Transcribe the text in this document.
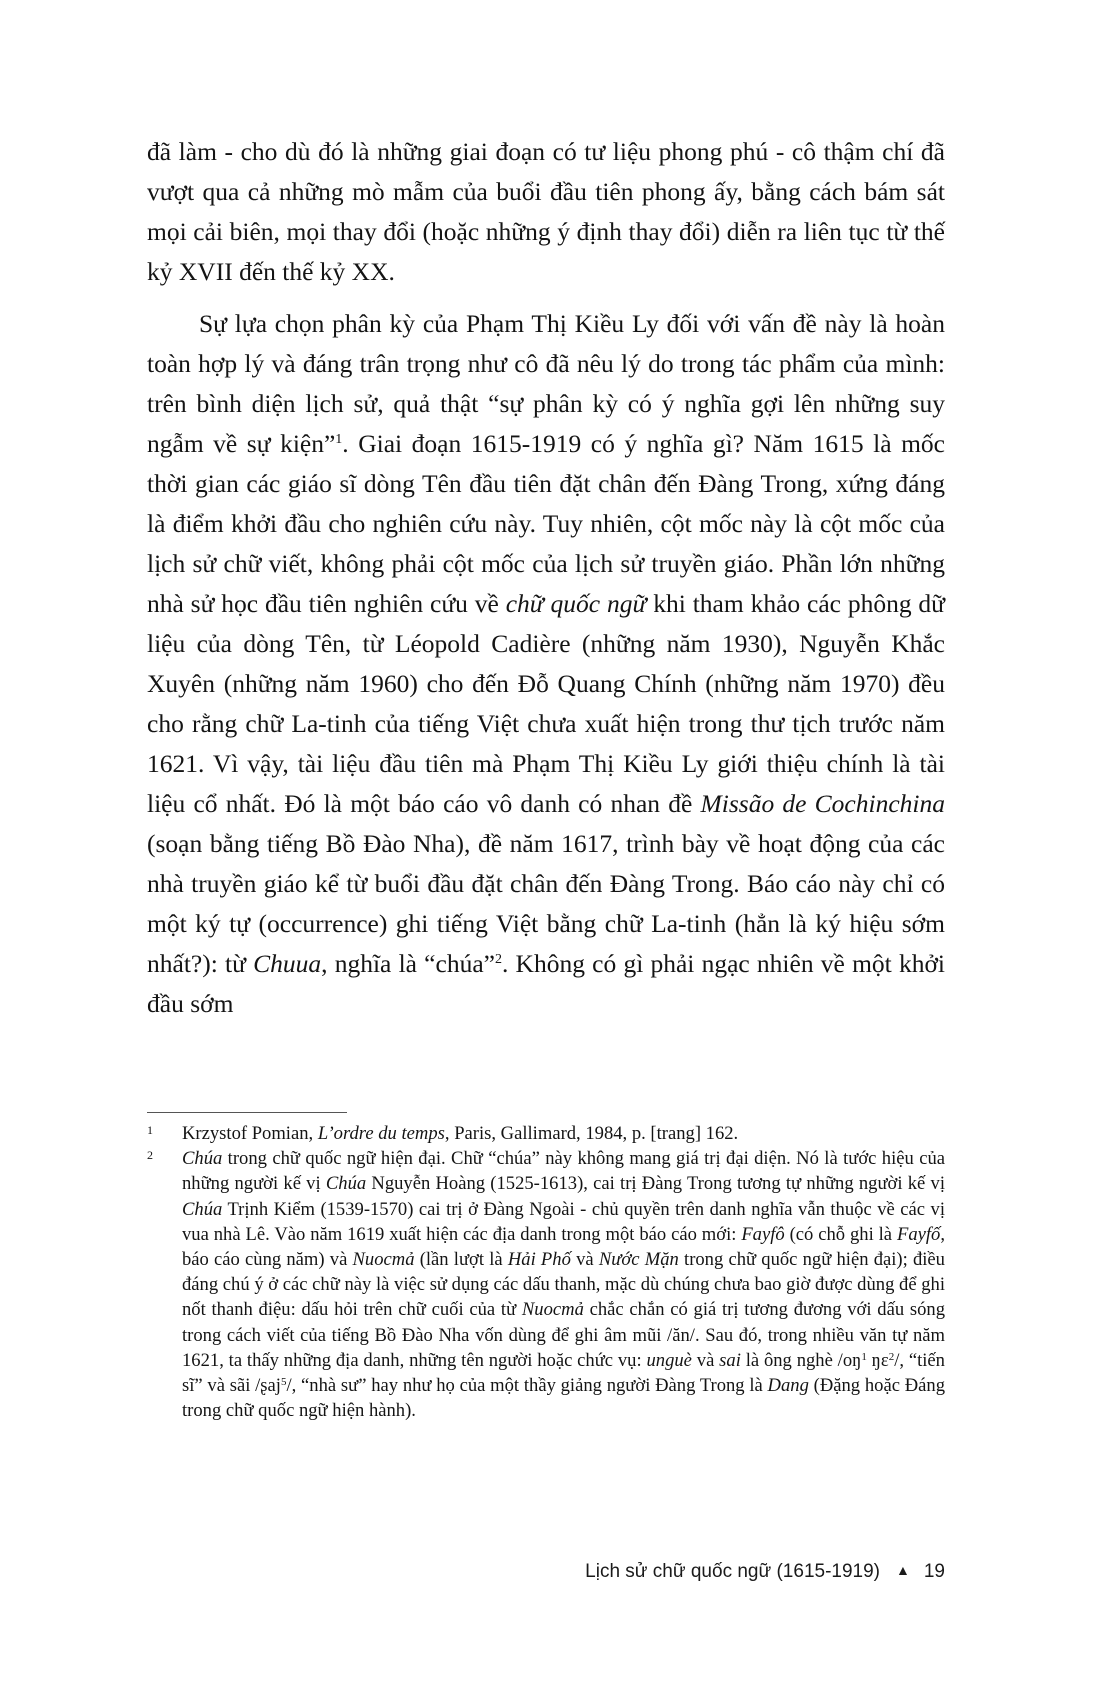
đã làm - cho dù đó là những giai đoạn có tư liệu phong phú - cô thậm chí đã vượt qua cả những mò mẫm của buổi đầu tiên phong ấy, bằng cách bám sát mọi cải biên, mọi thay đổi (hoặc những ý định thay đổi) diễn ra liên tục từ thế kỷ XVII đến thế kỷ XX.

Sự lựa chọn phân kỳ của Phạm Thị Kiều Ly đối với vấn đề này là hoàn toàn hợp lý và đáng trân trọng như cô đã nêu lý do trong tác phẩm của mình: trên bình diện lịch sử, quả thật “sự phân kỳ có ý nghĩa gợi lên những suy ngẫm về sự kiện”$^1$. Giai đoạn 1615-1919 có ý nghĩa gì? Năm 1615 là mốc thời gian các giáo sĩ dòng Tên đầu tiên đặt chân đến Đàng Trong, xứng đáng là điểm khởi đầu cho nghiên cứu này. Tuy nhiên, cột mốc này là cột mốc của lịch sử chữ viết, không phải cột mốc của lịch sử truyền giáo. Phần lớn những nhà sử học đầu tiên nghiên cứu về chữ quốc ngữ khi tham khảo các phông dữ liệu của dòng Tên, từ Léopold Cadière (những năm 1930), Nguyễn Khắc Xuyên (những năm 1960) cho đến Đỗ Quang Chính (những năm 1970) đều cho rằng chữ La-tinh của tiếng Việt chưa xuất hiện trong thư tịch trước năm 1621. Vì vậy, tài liệu đầu tiên mà Phạm Thị Kiều Ly giới thiệu chính là tài liệu cổ nhất. Đó là một báo cáo vô danh có nhan đề Missão de Cochinchina (soạn bằng tiếng Bồ Đào Nha), đề năm 1617, trình bày về hoạt động của các nhà truyền giáo kể từ buổi đầu đặt chân đến Đàng Trong. Báo cáo này chỉ có một ký tự (occurrence) ghi tiếng Việt bằng chữ La-tinh (hẳn là ký hiệu sớm nhất?): từ Chuua, nghĩa là “chúa”$^2$. Không có gì phải ngạc nhiên về một khởi đầu sớm

1 Krzystof Pomian, L’ordre du temps, Paris, Gallimard, 1984, p. [trang] 162.
2 Chúa trong chữ quốc ngữ hiện đại. Chữ “chúa” này không mang giá trị đại diện. Nó là tước hiệu của những người kế vị Chúa Nguyễn Hoàng (1525-1613), cai trị Đàng Trong tương tự những người kế vị Chúa Trịnh Kiểm (1539-1570) cai trị ở Đàng Ngoài - chủ quyền trên danh nghĩa vẫn thuộc về các vị vua nhà Lê. Vào năm 1619 xuất hiện các địa danh trong một báo cáo mới: Fayfô (có chỗ ghi là Fayfố, báo cáo cùng năm) và Nuocmả (lần lượt là Hải Phố và Nước Mặn trong chữ quốc ngữ hiện đại); điều đáng chú ý ở các chữ này là việc sử dụng các dấu thanh, mặc dù chúng chưa bao giờ được dùng để ghi nốt thanh điệu: dấu hỏi trên chữ cuối của từ Nuocmả chắc chắn có giá trị tương đương với dấu sóng trong cách viết của tiếng Bồ Đào Nha vốn dùng để ghi âm mũi /ăn/. Sau đó, trong nhiều văn tự năm 1621, ta thấy những địa danh, những tên người hoặc chức vụ: unguè và sai là ông nghè $/oŋ^1$ ŋɛ$^2$/, “tiến sĩ” và sãi /ʂaj$^5$/, “nhà sư” hay như họ của một thầy giảng người Đàng Trong là Dang (Đặng hoặc Đáng trong chữ quốc ngữ hiện hành).
Lịch sử chữ quốc ngữ (1615-1919) ▲ 19
